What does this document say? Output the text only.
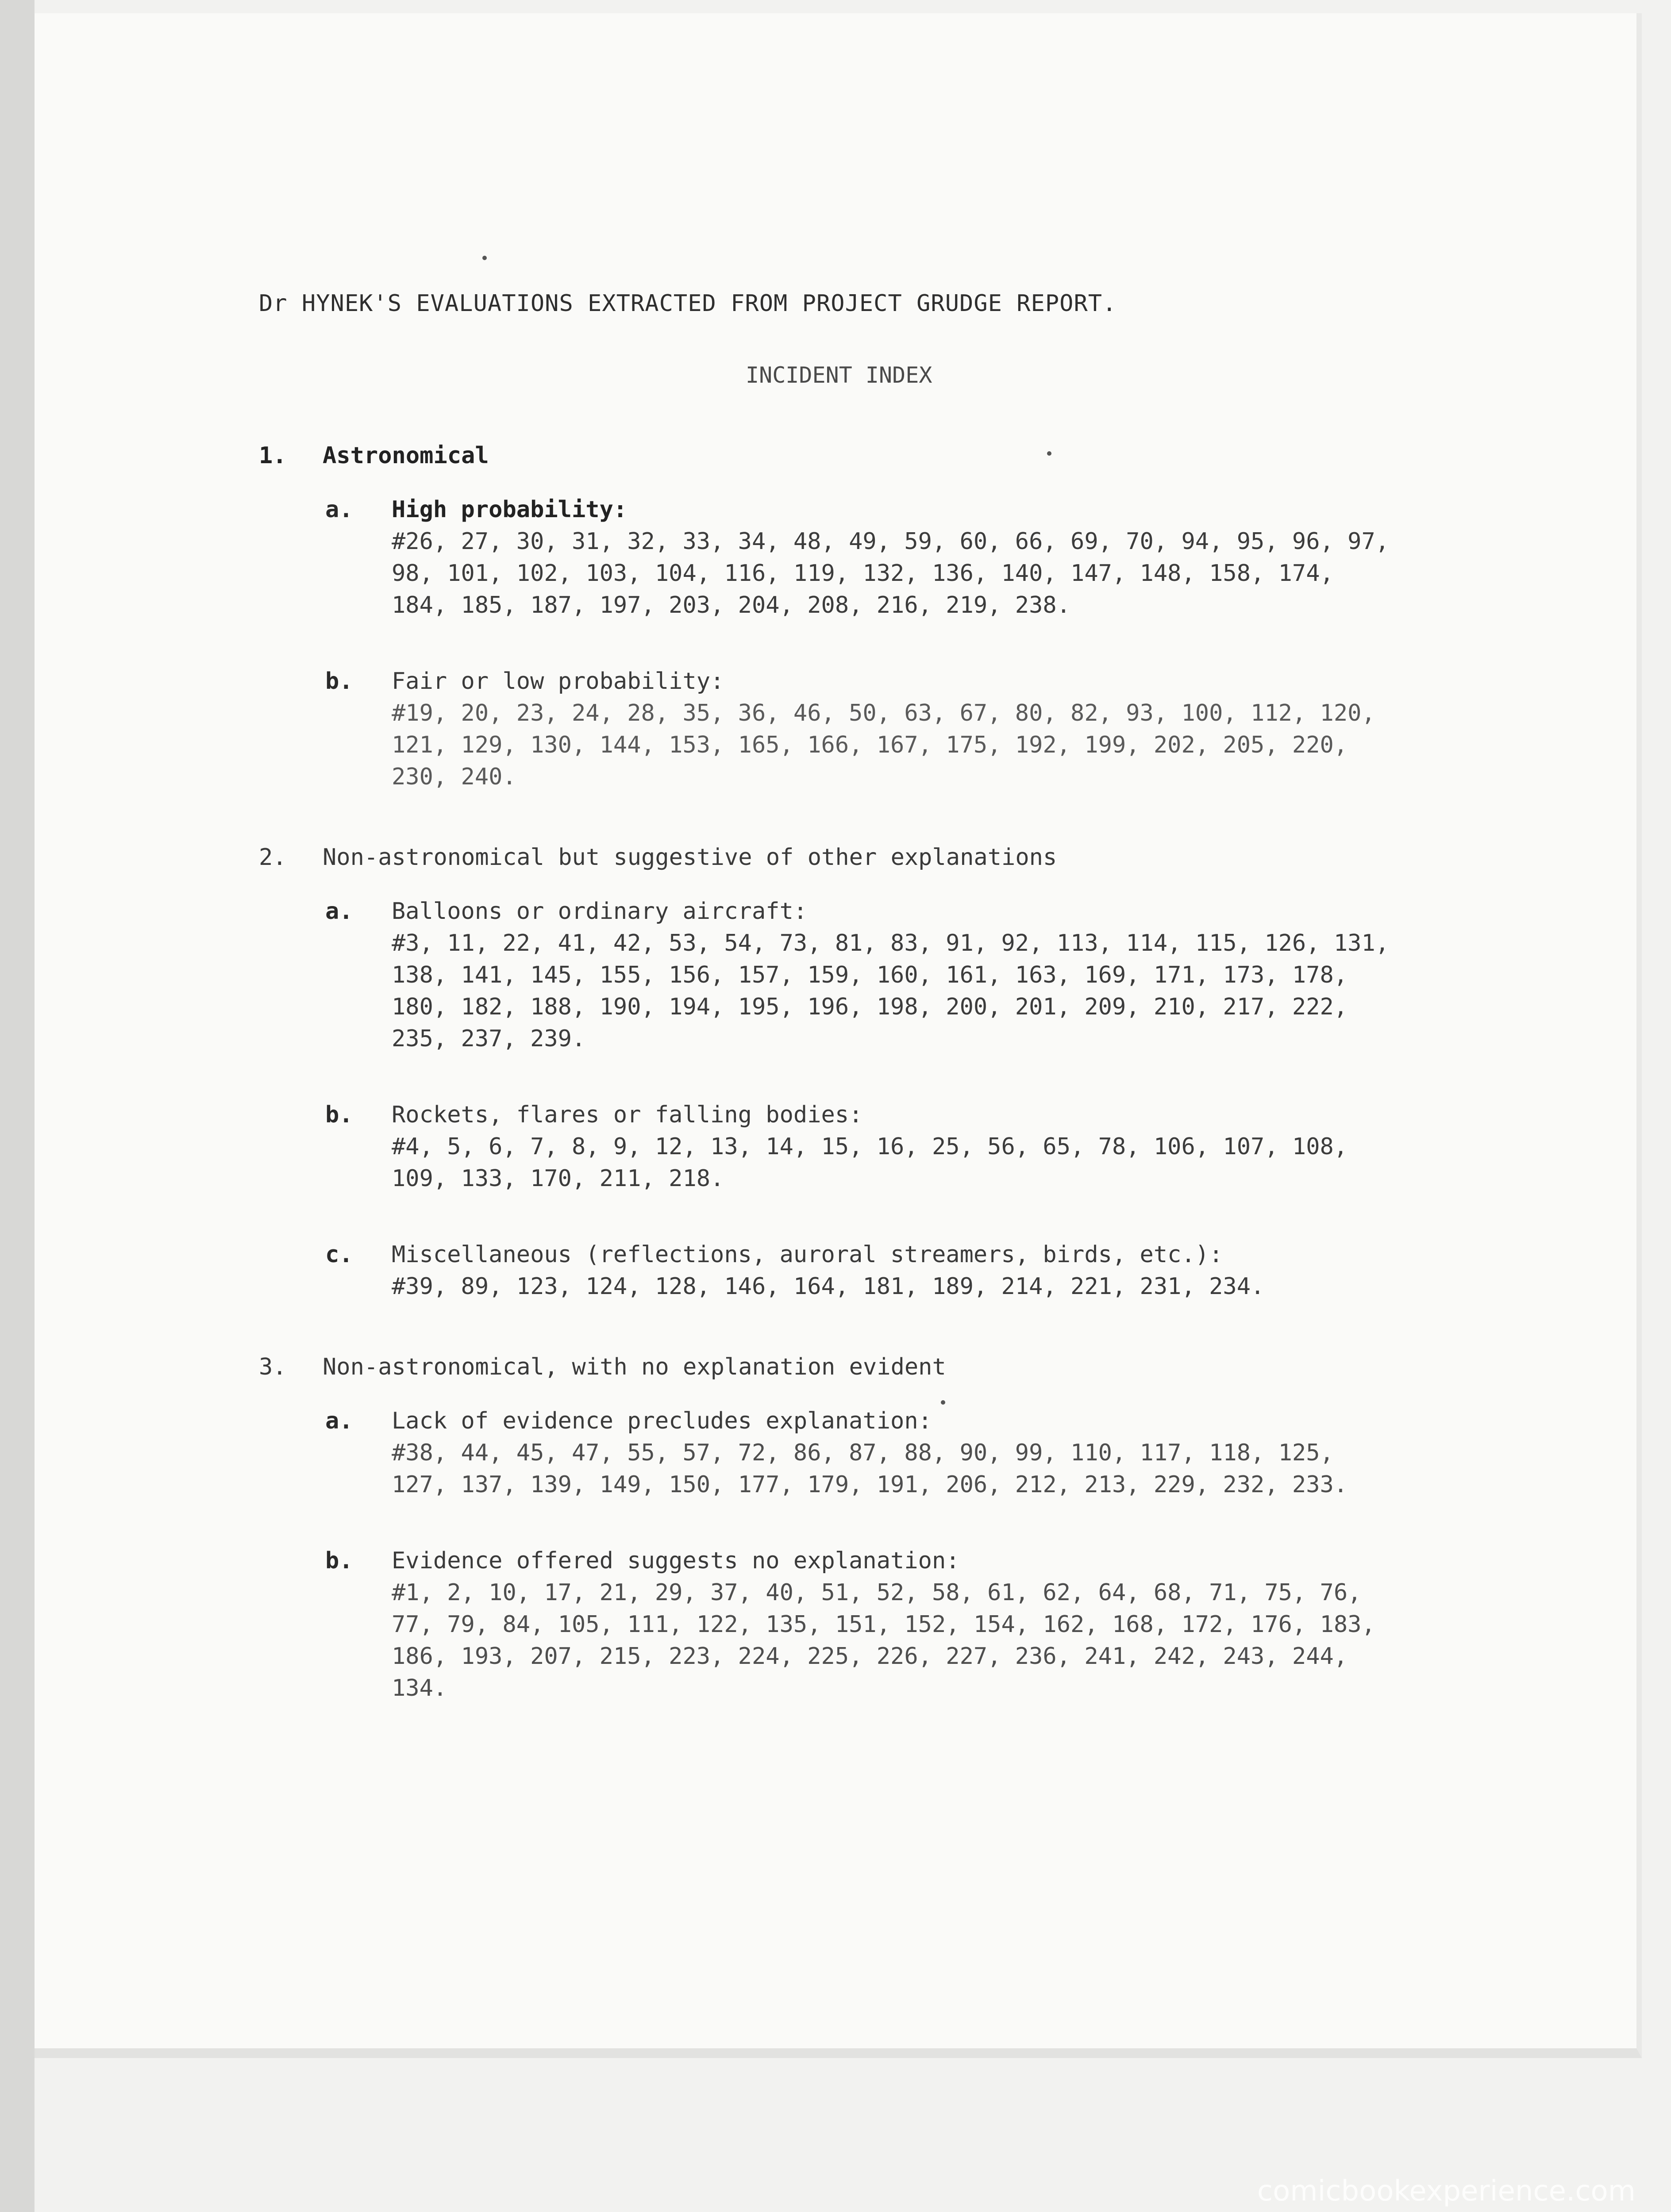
Dr HYNEK'S EVALUATIONS EXTRACTED FROM PROJECT GRUDGE REPORT.

INCIDENT INDEX
1.	Astronomical
a.	High probability:
#26, 27, 30, 31, 32, 33, 34, 48, 49, 59, 60, 66, 69, 70, 94, 95, 96, 97, 98, 101, 102, 103, 104, 116, 119, 132, 136, 140, 147, 148, 158, 174, 184, 185, 187, 197, 203, 204, 208, 216, 219, 238.
b.	Fair or low probability:
#19, 20, 23, 24, 28, 35, 36, 46, 50, 63, 67, 80, 82, 93, 100, 112, 120, 121, 129, 130, 144, 153, 165, 166, 167, 175, 192, 199, 202, 205, 220, 230, 240.
2.	Non-astronomical but suggestive of other explanations
a.	Balloons or ordinary aircraft:
#3, 11, 22, 41, 42, 53, 54, 73, 81, 83, 91, 92, 113, 114, 115, 126, 131, 138, 141, 145, 155, 156, 157, 159, 160, 161, 163, 169, 171, 173, 178, 180, 182, 188, 190, 194, 195, 196, 198, 200, 201, 209, 210, 217, 222, 235, 237, 239.
b.	Rockets, flares or falling bodies:
#4, 5, 6, 7, 8, 9, 12, 13, 14, 15, 16, 25, 56, 65, 78, 106, 107, 108, 109, 133, 170, 211, 218.
c.	Miscellaneous (reflections, auroral streamers, birds, etc.):
#39, 89, 123, 124, 128, 146, 164, 181, 189, 214, 221, 231, 234.
3.	Non-astronomical, with no explanation evident
a.	Lack of evidence precludes explanation:
#38, 44, 45, 47, 55, 57, 72, 86, 87, 88, 90, 99, 110, 117, 118, 125, 127, 137, 139, 149, 150, 177, 179, 191, 206, 212, 213, 229, 232, 233.
b.	Evidence offered suggests no explanation:
#1, 2, 10, 17, 21, 29, 37, 40, 51, 52, 58, 61, 62, 64, 68, 71, 75, 76, 77, 79, 84, 105, 111, 122, 135, 151, 152, 154, 162, 168, 172, 176, 183, 186, 193, 207, 215, 223, 224, 225, 226, 227, 236, 241, 242, 243, 244, 134.
comicbookexperience.com
